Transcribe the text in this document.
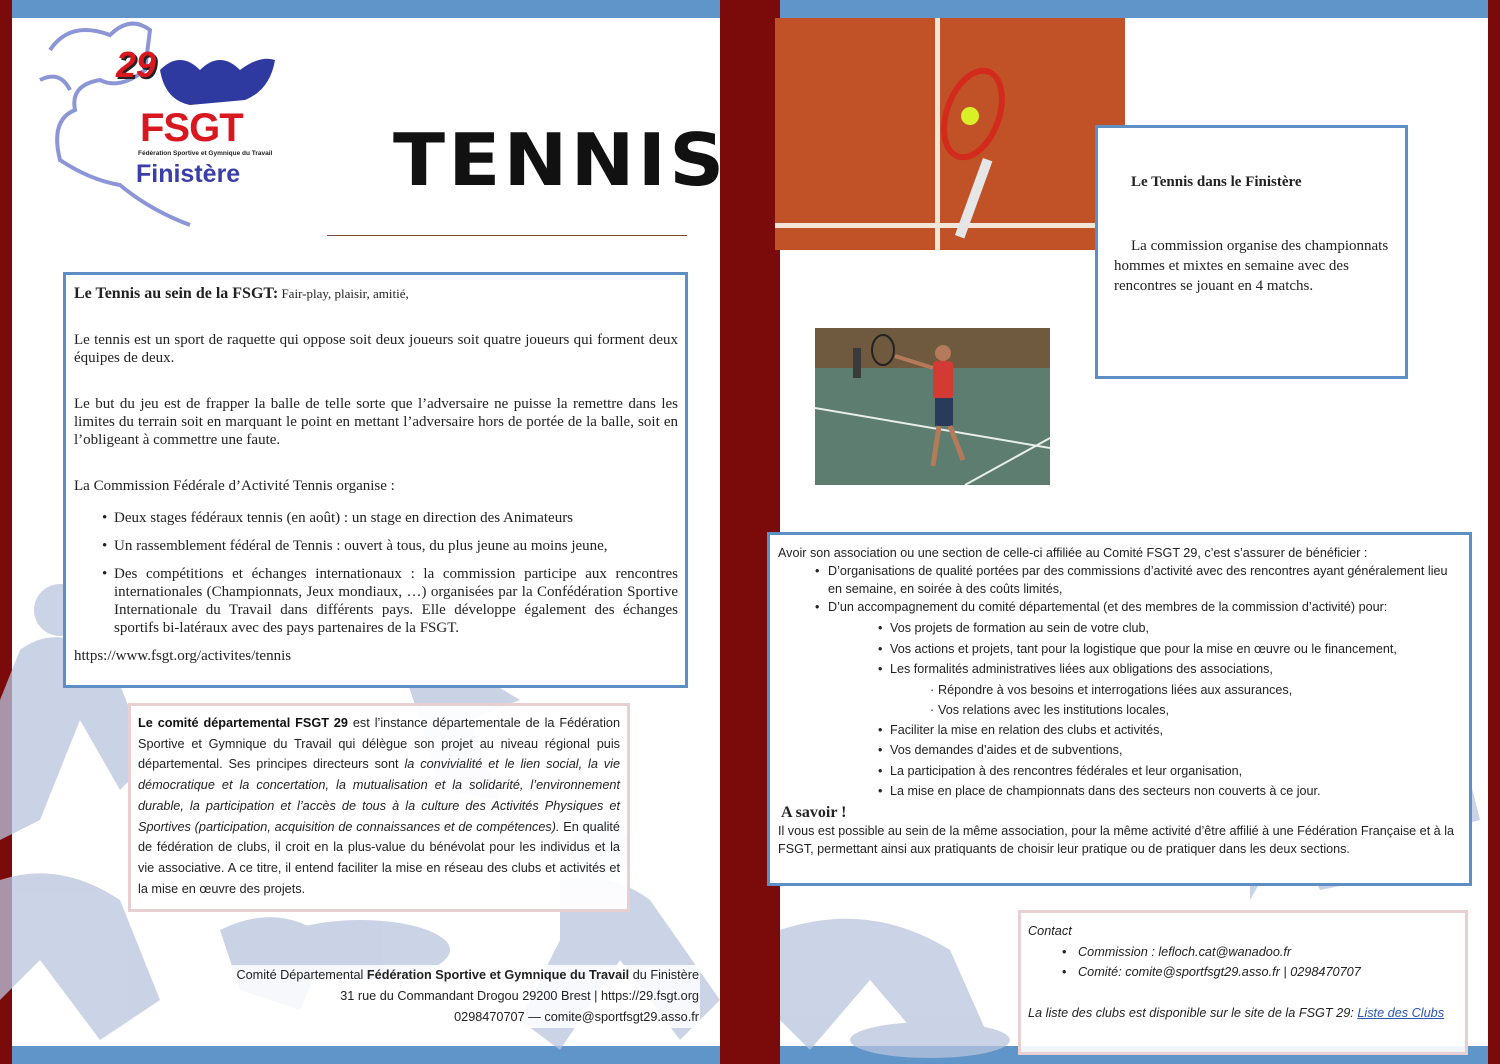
29
FSGT
Fédération Sportive et Gymnique du Travail
Finistère TENNIS

Le Tennis au sein de la FSGT: Fair-play, plaisir, amitié,

Le tennis est un sport de raquette qui oppose soit deux joueurs soit quatre joueurs qui forment deux équipes de deux.

Le but du jeu est de frapper la balle de telle sorte que l’adversaire ne puisse la remettre dans les limites du terrain soit en marquant le point en mettant l’adversaire hors de portée de la balle, soit en l’obligeant à commettre une faute.

La Commission Fédérale d’Activité Tennis organise :

• Deux stages fédéraux tennis (en août) : un stage en direction des Animateurs
• Un rassemblement fédéral de Tennis : ouvert à tous, du plus jeune au moins jeune,
• Des compétitions et échanges internationaux : la commission participe aux rencontres internationales (Championnats, Jeux mondiaux, …) organisées par la Confédération Sportive Internationale du Travail dans différents pays. Elle développe également des échanges sportifs bi-latéraux avec des pays partenaires de la FSGT.

https://www.fsgt.org/activites/tennis

Le comité départemental FSGT 29 est l’instance départementale de la Fédération Sportive et Gymnique du Travail qui délègue son projet au niveau régional puis départemental. Ses principes directeurs sont la convivialité et le lien social, la vie démocratique et la concertation, la mutualisation et la solidarité, l’environnement durable, la participation et l’accès de tous à la culture des Activités Physiques et Sportives (participation, acquisition de connaissances et de compétences). En qualité de fédération de clubs, il croit en la plus-value du bénévolat pour les individus et la vie associative. A ce titre, il entend faciliter la mise en réseau des clubs et activités et la mise en œuvre des projets.
Comité Départemental Fédération Sportive et Gymnique du Travail du Finistère
31 rue du Commandant Drogou 29200 Brest | https://29.fsgt.org
0298470707 — comite@sportfsgt29.asso.fr

Le Tennis dans le Finistère

La commission organise des championnats hommes et mixtes en semaine avec des rencontres se jouant en 4 matchs.

Avoir son association ou une section de celle-ci affiliée au Comité FSGT 29, c’est s’assurer de bénéficier :

• D’organisations de qualité portées par des commissions d’activité avec des rencontres ayant généralement lieu en semaine, en soirée à des coûts limités,
• D’un accompagnement du comité départemental (et des membres de la commission d’activité) pour:
• Vos projets de formation au sein de votre club,
• Vos actions et projets, tant pour la logistique que pour la mise en œuvre ou le financement,
• Les formalités administratives liées aux obligations des associations,
· Répondre à vos besoins et interrogations liées aux assurances,
· Vos relations avec les institutions locales,
• Faciliter la mise en relation des clubs et activités,
• Vos demandes d’aides et de subventions,
• La participation à des rencontres fédérales et leur organisation,
• La mise en place de championnats dans des secteurs non couverts à ce jour.

A savoir !

Il vous est possible au sein de la même association, pour la même activité d’être affilié à une Fédération Française et à la FSGT, permettant ainsi aux pratiquants de choisir leur pratique ou de pratiquer dans les deux sections.

Contact

• Commission : lefloch.cat@wanadoo.fr
• Comité: comite@sportfsgt29.asso.fr | 0298470707

La liste des clubs est disponible sur le site de la FSGT 29: Liste des Clubs
